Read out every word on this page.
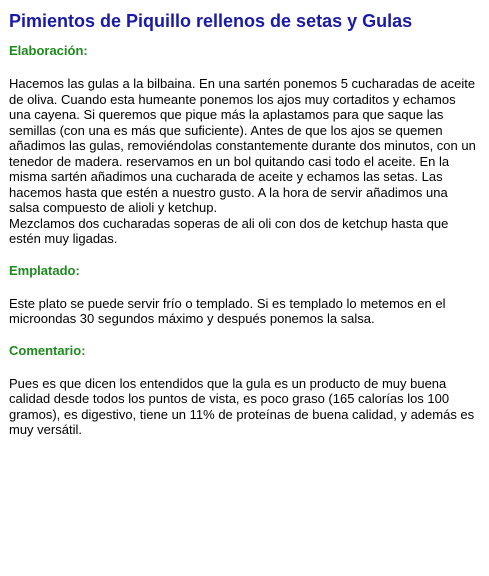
Pimientos de Piquillo rellenos de setas y Gulas
Elaboración:

Hacemos las gulas a la bilbaina. En una sartén ponemos 5 cucharadas de aceite de oliva. Cuando esta humeante ponemos los ajos muy cortaditos y echamos una cayena. Si queremos que pique más la aplastamos para que saque las semillas (con una es más que suficiente). Antes de que los ajos se quemen añadimos las gulas, removiéndolas constantemente durante dos minutos, con un tenedor de madera. reservamos en un bol quitando casi todo el aceite. En la misma sartén añadimos una cucharada de aceite y echamos las setas. Las hacemos hasta que estén a nuestro gusto. A la hora de servir añadimos una salsa compuesto de alioli y ketchup.

Mezclamos dos cucharadas soperas de ali oli con dos de ketchup hasta que estén muy ligadas.

Emplatado:

Este plato se puede servir frío o templado. Si es templado lo metemos en el microondas 30 segundos máximo y después ponemos la salsa.

Comentario:

Pues es que dicen los entendidos que la gula es un producto de muy buena calidad desde todos los puntos de vista, es poco graso (165 calorías los 100 gramos), es digestivo, tiene un 11% de proteínas de buena calidad, y además es muy versátil.
